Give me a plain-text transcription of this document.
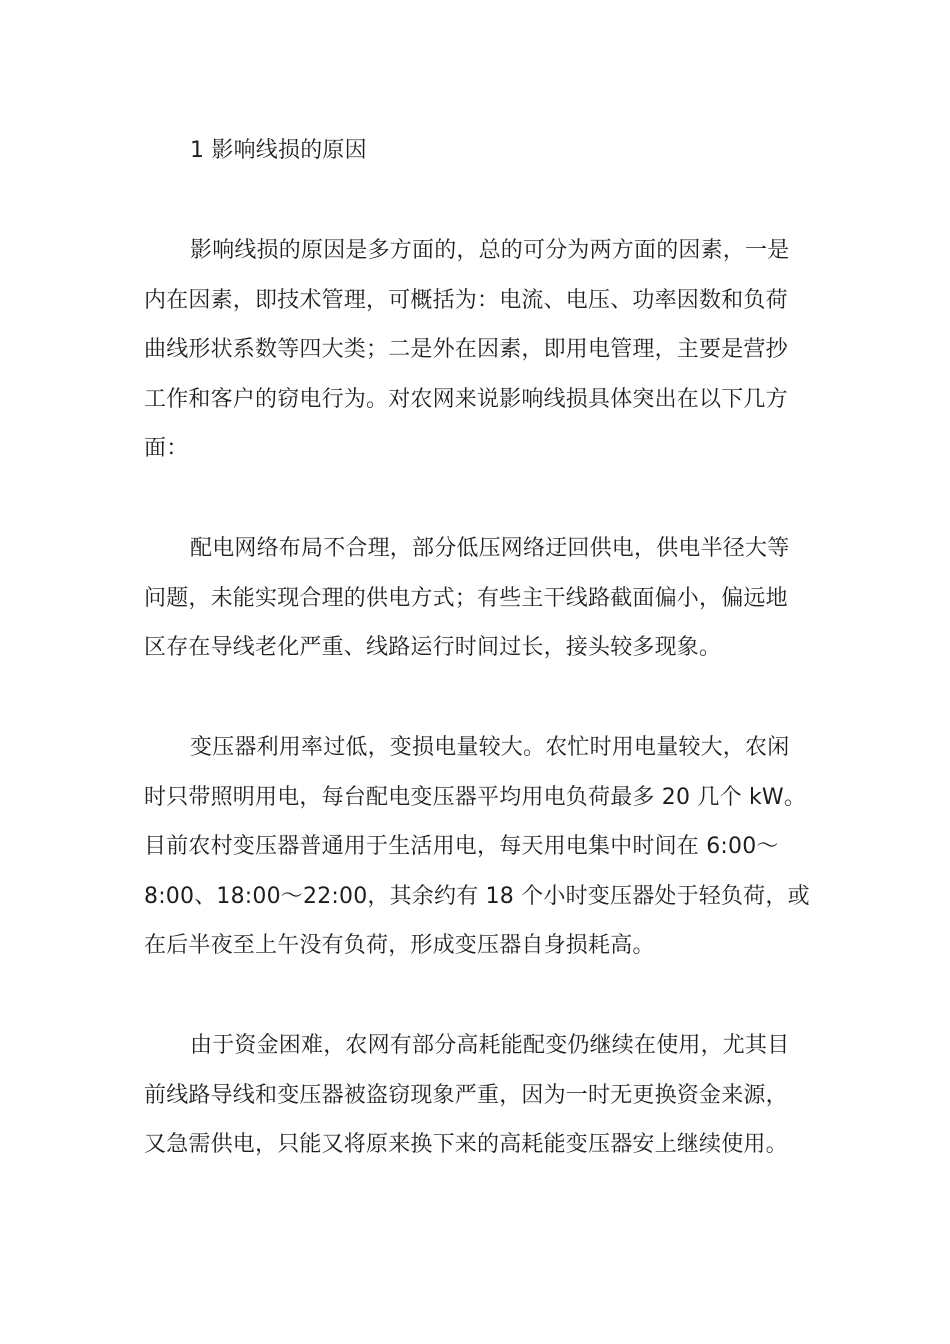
1 影响线损的原因
影响线损的原因是多方面的，总的可分为两方面的因素，一是
内在因素，即技术管理，可概括为：电流、电压、功率因数和负荷
曲线形状系数等四大类；二是外在因素，即用电管理，主要是营抄
工作和客户的窃电行为。对农网来说影响线损具体突出在以下几方
面：
配电网络布局不合理，部分低压网络迂回供电，供电半径大等
问题，未能实现合理的供电方式；有些主干线路截面偏小，偏远地
区存在导线老化严重、线路运行时间过长，接头较多现象。
变压器利用率过低，变损电量较大。农忙时用电量较大，农闲
时只带照明用电，每台配电变压器平均用电负荷最多 20 几个 kW。
目前农村变压器普通用于生活用电，每天用电集中时间在 6:00～
8:00、18:00～22:00，其余约有 18 个小时变压器处于轻负荷，或
在后半夜至上午没有负荷，形成变压器自身损耗高。
由于资金困难，农网有部分高耗能配变仍继续在使用，尤其目
前线路导线和变压器被盗窃现象严重，因为一时无更换资金来源，
又急需供电，只能又将原来换下来的高耗能变压器安上继续使用。
